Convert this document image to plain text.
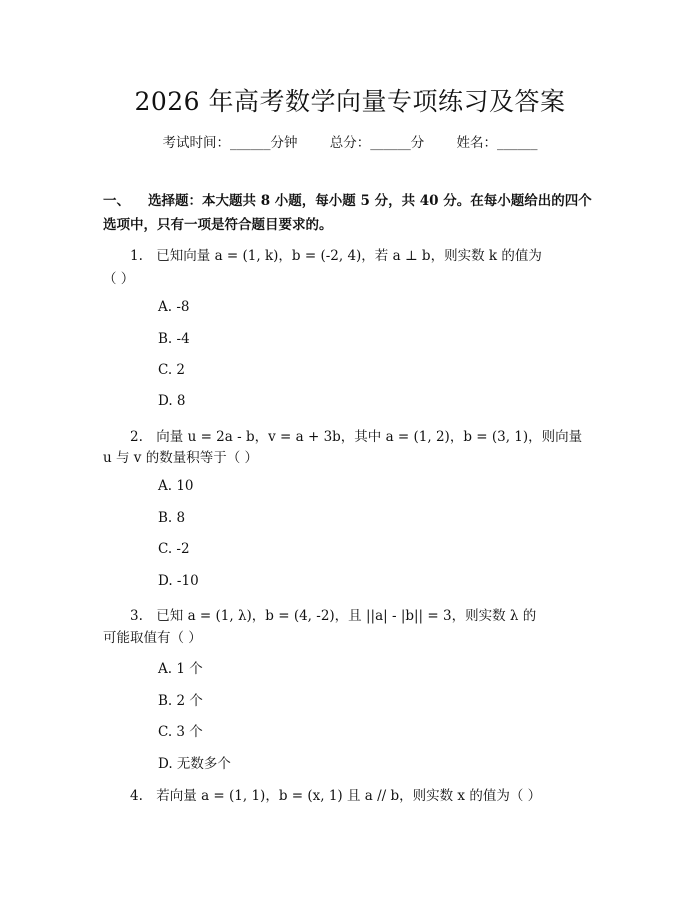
2026 年高考数学向量专项练习及答案
考试时间：______分钟 总分：______分 姓名：______
一、 选择题：本大题共 8 小题，每小题 5 分，共 40 分。在每小题给出的四个选项中，只有一项是符合题目要求的。
1. 已知向量 a = (1, k)，b = (-2, 4)，若 a ⊥ b，则实数 k 的值为
（ ）
A. -8
B. -4
C. 2
D. 8
2. 向量 u = 2a - b，v = a + 3b，其中 a = (1, 2)，b = (3, 1)，则向量
u 与 v 的数量积等于（ ）
A. 10
B. 8
C. -2
D. -10
3. 已知 a = (1, λ)，b = (4, -2)，且 ||a| - |b|| = 3，则实数 λ 的
可能取值有（ ）
A. 1 个
B. 2 个
C. 3 个
D. 无数多个
4. 若向量 a = (1, 1)，b = (x, 1) 且 a // b，则实数 x 的值为（ ）
